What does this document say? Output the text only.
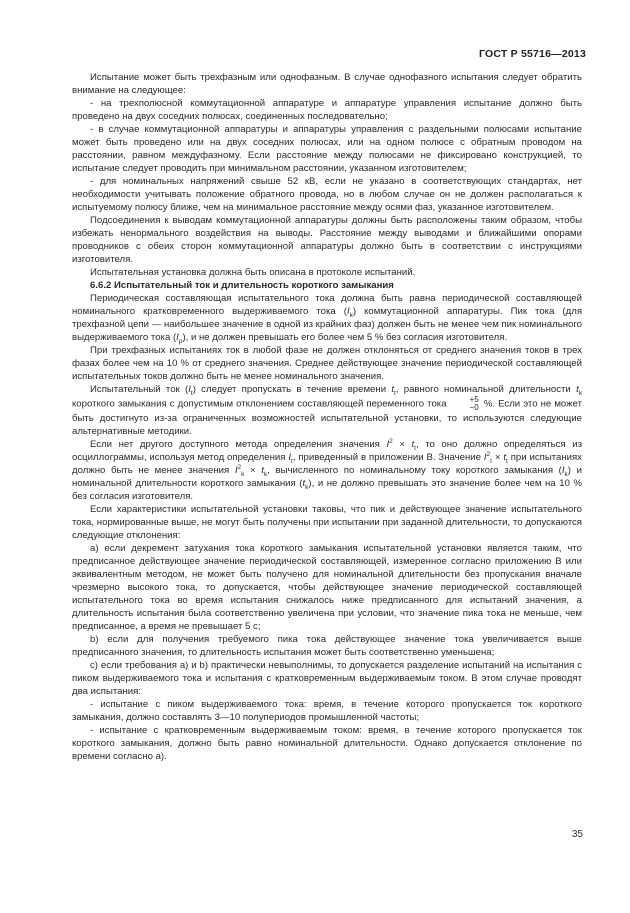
ГОСТ Р 55716—2013

Испытание может быть трехфазным или однофазным. В случае однофазного испытания следует обратить внимание на следующее:

- на трехполюсной коммутационной аппаратуре и аппаратуре управления испытание должно быть проведено на двух соседних полюсах, соединенных последовательно;

- в случае коммутационной аппаратуры и аппаратуры управления с раздельными полюсами испытание может быть проведено или на двух соседних полюсах, или на одном полюсе с обратным проводом на расстоянии, равном междуфазному. Если расстояние между полюсами не фиксировано конструкцией, то испытание следует проводить при минимальном расстоянии, указанном изготовителем;

- для номинальных напряжений свыше 52 кВ, если не указано в соответствующих стандартах, нет необходимости учитывать положение обратного провода, но в любом случае он не должен располагаться к испытуемому полюсу ближе, чем на минимальное расстояние между осями фаз, указанное изготовителем.

Подсоединения к выводам коммутационной аппаратуры должны быть расположены таким образом, чтобы избежать ненормального воздействия на выводы. Расстояние между выводами и ближайшими опорами проводников с обеих сторон коммутационной аппаратуры должно быть в соответствии с инструкциями изготовителя.

Испытательная установка должна быть описана в протоколе испытаний.

6.6.2 Испытательный ток и длительность короткого замыкания

Периодическая составляющая испытательного тока должна быть равна периодической составляющей номинального кратковременного выдерживаемого тока $(I_k)$ коммутационной аппаратуры. Пик тока (для трехфазной цепи — наибольшее значение в одной из крайних фаз) должен быть не менее чем пик номинального выдерживаемого тока $(I_p)$, и не должен превышать его более чем 5 % без согласия изготовителя.

При трехфазных испытаниях ток в любой фазе не должен отклоняться от среднего значения токов в трех фазах более чем на 10 % от среднего значения. Среднее действующее значение периодической составляющей испытательных токов должно быть не менее номинального значения.

Испытательный ток $(I_t)$ следует пропускать в течение времени $t_t$, равного номинальной длительности $t_k$ короткого замыкания с допустимым отклонением составляющей переменного тока	+5
−0 %. Если это не может быть достигнуто из-за ограниченных возможностей испытательной установки, то используются следующие альтернативные методики.

Если нет другого доступного метода определения значения $I^2 \times t_t$, то оно должно определяться из осциллограммы, используя метод определения $I_t$, приведенный в приложении B. Значение $I^2_t \times t_t$ при испытаниях должно быть не менее значения $I^2_k \times t_k$, вычисленного по номинальному току короткого замыкания $(I_k)$ и номинальной длительности короткого замыкания $(t_k)$, и не должно превышать это значение более чем на 10 % без согласия изготовителя.

Если характеристики испытательной установки таковы, что пик и действующее значение испытательного тока, нормированные выше, не могут быть получены при испытании при заданной длительности, то допускаются следующие отклонения:

а) если декремент затухания тока короткого замыкания испытательной установки является таким, что предписанное действующее значение периодической составляющей, измеренное согласно приложению B или эквивалентным методом, не может быть получено для номинальной длительности без пропускания вначале чрезмерно высокого тока, то допускается, чтобы действующее значение периодической составляющей испытательного тока во время испытания снижалось ниже предписанного для испытаний значения, а длительность испытания была соответственно увеличена при условии, что значение пика тока не меньше, чем предписанное, а время не превышает 5 с;

b) если для получения требуемого пика тока действующее значение тока увеличивается выше предписанного значения, то длительность испытания может быть соответственно уменьшена;

с) если требования а) и b) практически невыполнимы, то допускается разделение испытаний на испытания с пиком выдерживаемого тока и испытания с кратковременным выдерживаемым током. В этом случае проводят два испытания:

- испытание с пиком выдерживаемого тока: время, в течение которого пропускается ток короткого замыкания, должно составлять 3—10 полупериодов промышленной частоты;

- испытание с кратковременным выдерживаемым током: время, в течение которого пропускается ток короткого замыкания, должно быть равно номинальной длительности. Однако допускается отклонение по времени согласно а).

35
